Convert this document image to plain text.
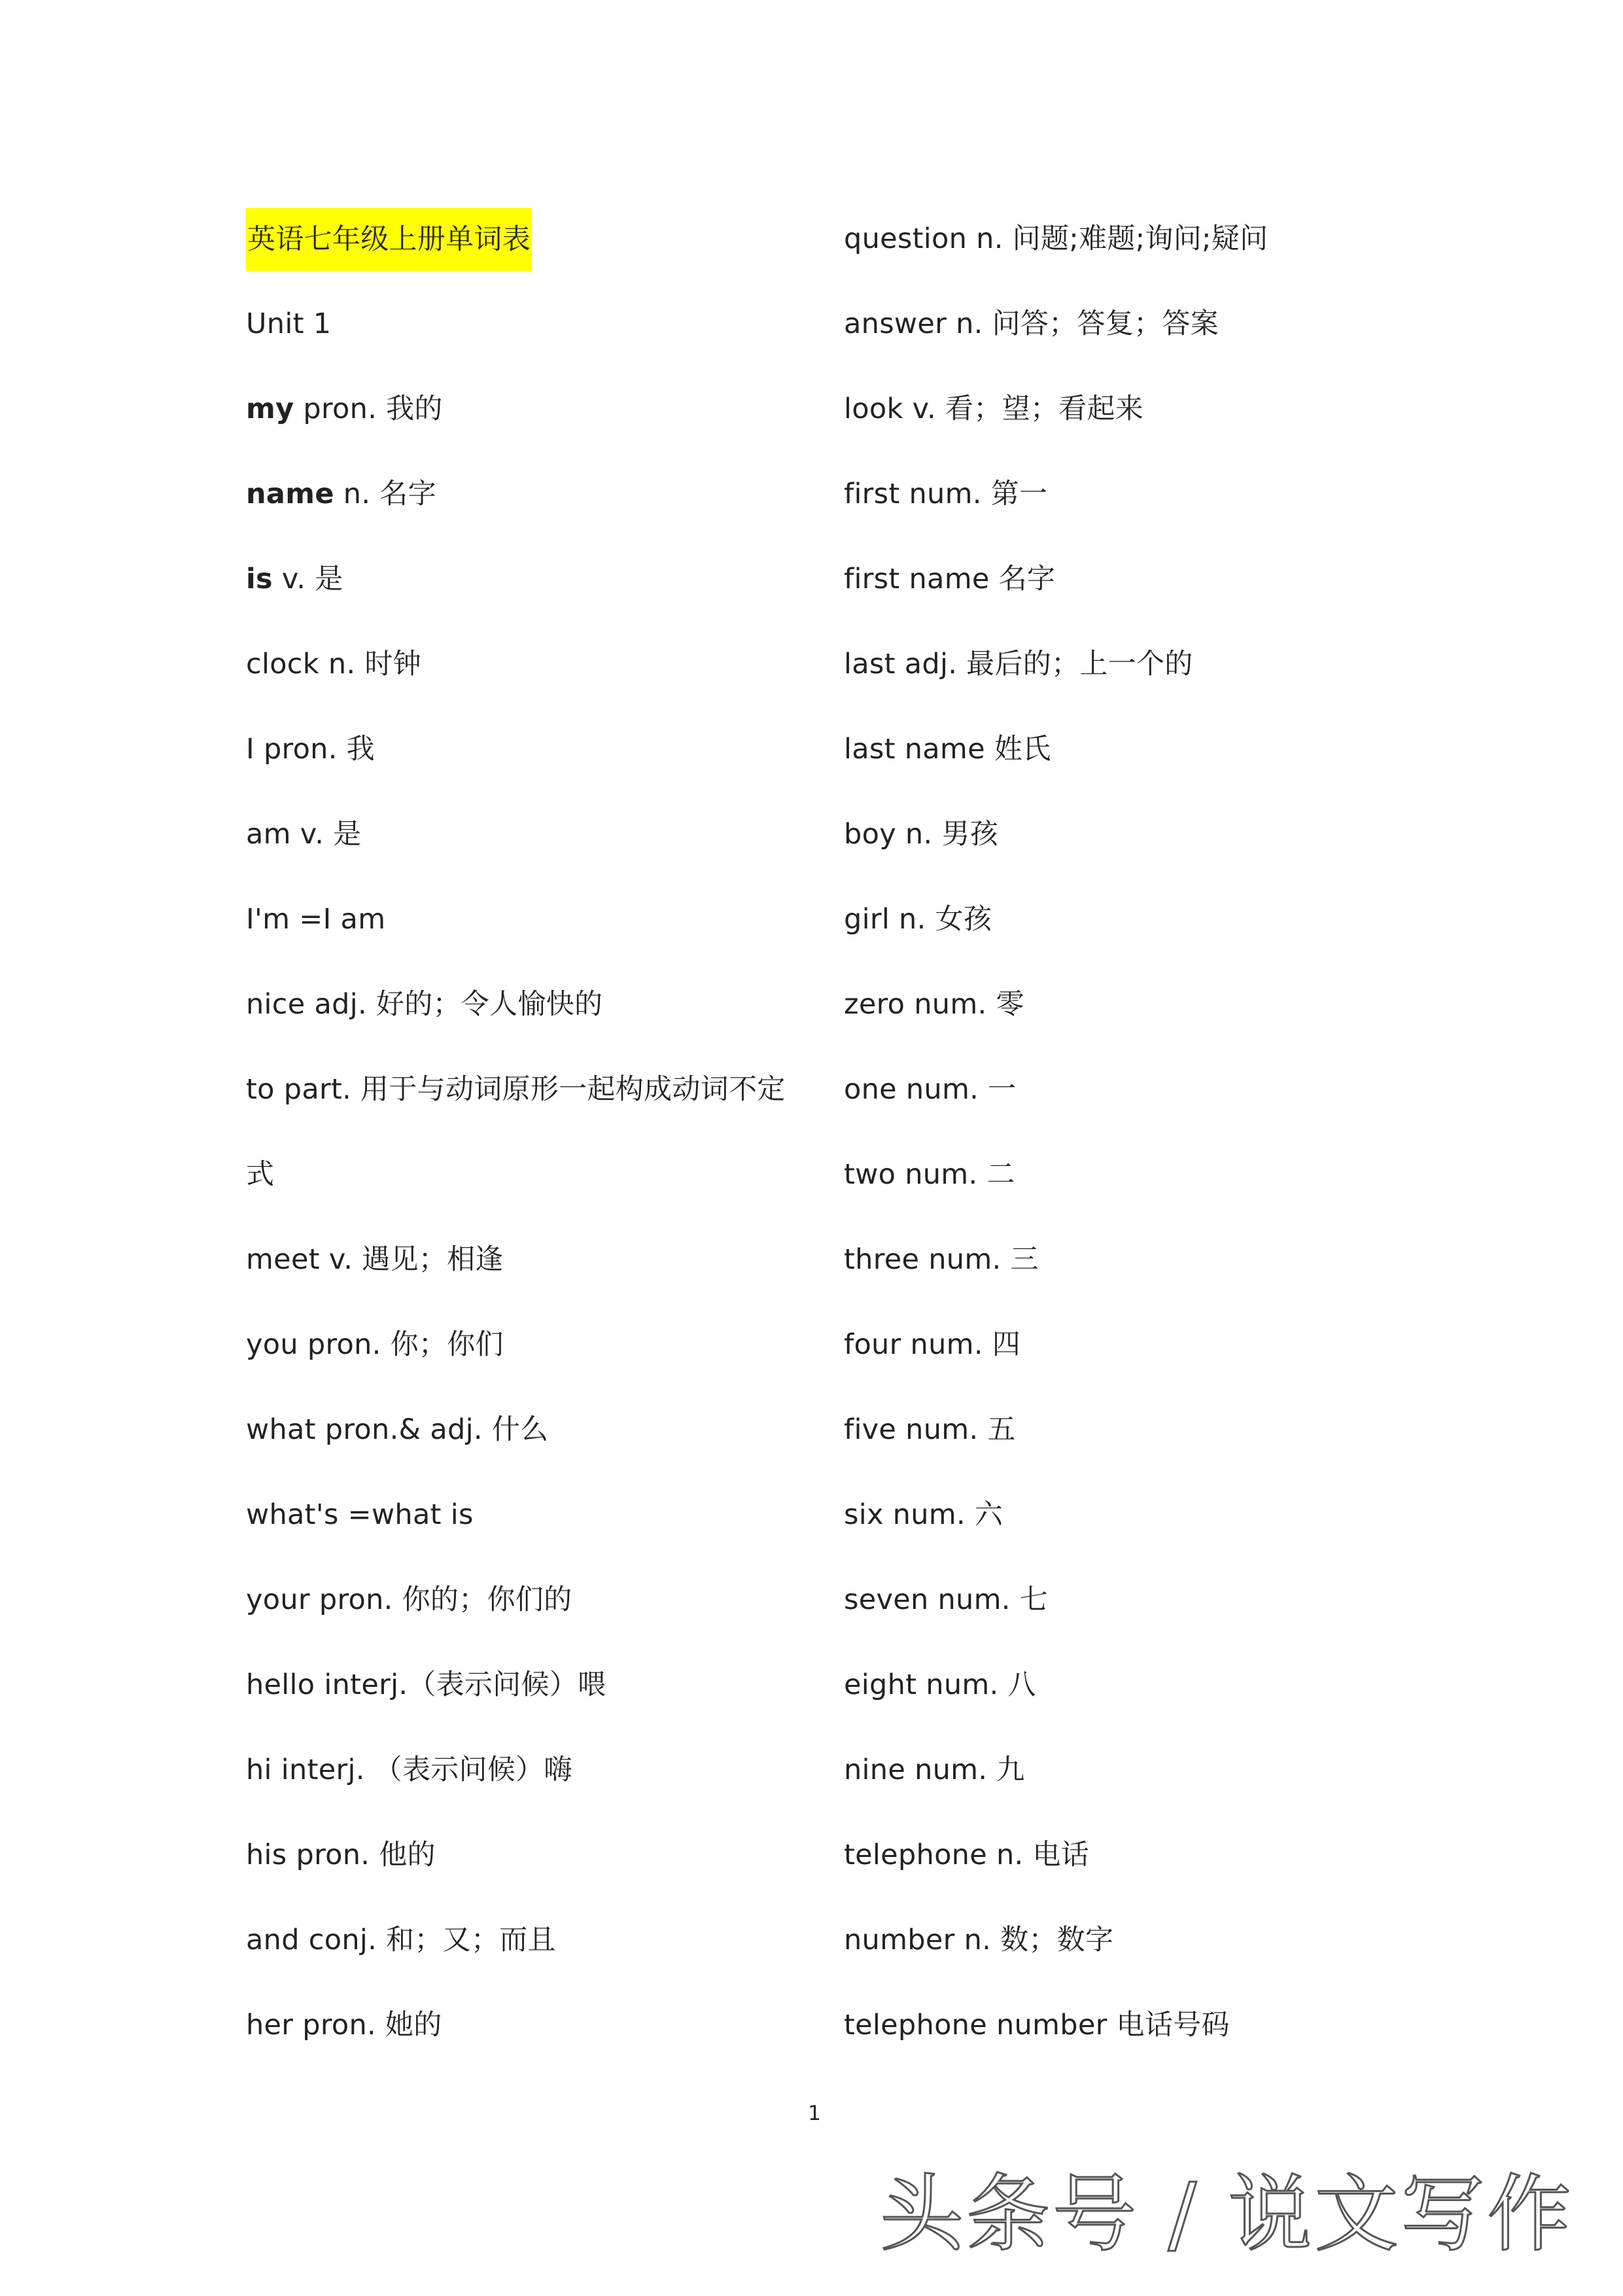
英语七年级上册单词表
Unit 1
my pron. 我的
name n. 名字
is v. 是
clock n. 时钟
I pron. 我
am v. 是
I'm =I am
nice adj. 好的；令人愉快的
to part. 用于与动词原形一起构成动词不定
式
meet v. 遇见；相逢
you pron. 你；你们
what pron.& adj. 什么
what's =what is
your pron. 你的；你们的
hello interj.（表示问候）喂
hi interj. （表示问候）嗨
his pron. 他的
and conj. 和；又；而且
her pron. 她的
question n. 问题;难题;询问;疑问
answer n. 问答；答复；答案
look v. 看；望；看起来
first num. 第一
first name 名字
last adj. 最后的；上一个的
last name 姓氏
boy n. 男孩
girl n. 女孩
zero num. 零
one num. 一
two num. 二
three num. 三
four num. 四
five num. 五
six num. 六
seven num. 七
eight num. 八
nine num. 九
telephone n. 电话
number n. 数；数字
telephone number 电话号码
1
头条号 / 说文写作
